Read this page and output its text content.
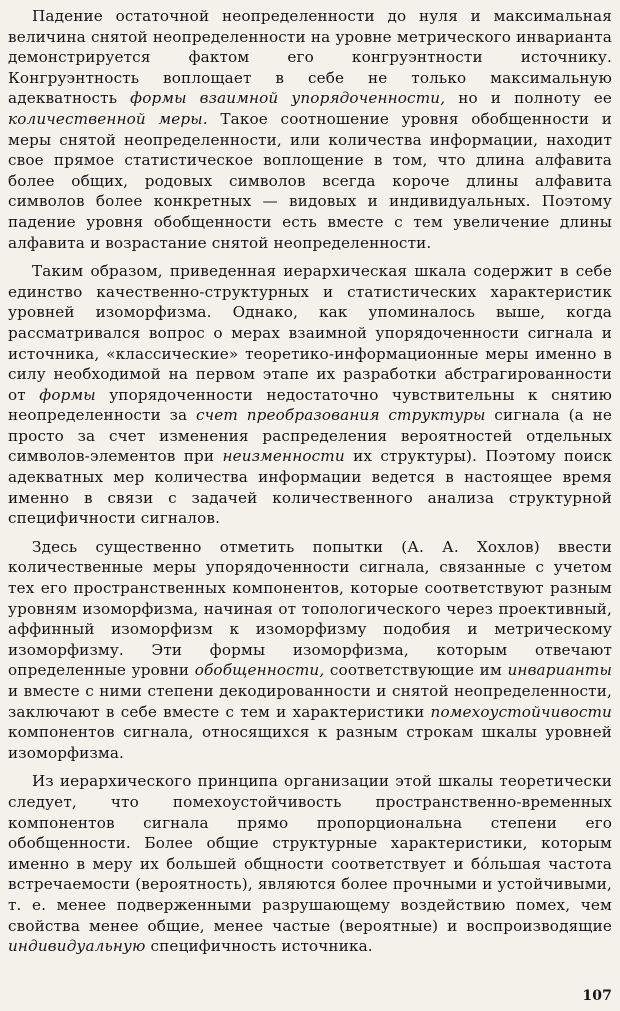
Падение остаточной неопределенности до нуля и максимальная величина снятой неопределенности на уровне метрического инварианта демонстрируется фактом его конгруэнтности источнику. Конгруэнтность воплощает в себе не только максимальную адекватность формы взаимной упорядоченности, но и полноту ее количественной меры. Такое соотношение уровня обобщенности и меры снятой неопределенности, или количества информации, находит свое прямое статистическое воплощение в том, что длина алфавита более общих, родовых символов всегда короче длины алфавита символов более конкретных — видовых и индивидуальных. Поэтому падение уровня обобщенности есть вместе с тем увеличение длины алфавита и возрастание снятой неопределенности.

Таким образом, приведенная иерархическая шкала содержит в себе единство качественно-структурных и статистических характеристик уровней изоморфизма. Однако, как упоминалось выше, когда рассматривался вопрос о мерах взаимной упорядоченности сигнала и источника, «классические» теоретико-информационные меры именно в силу необходимой на первом этапе их разработки абстрагированности от формы упорядоченности недостаточно чувствительны к снятию неопределенности за счет преобразования структуры сигнала (а не просто за счет изменения распределения вероятностей отдельных символов-элементов при неизменности их структуры). Поэтому поиск адекватных мер количества информации ведется в настоящее время именно в связи с задачей количественного анализа структурной специфичности сигналов.

Здесь существенно отметить попытки (А. А. Хохлов) ввести количественные меры упорядоченности сигнала, связанные с учетом тех его пространственных компонентов, которые соответствуют разным уровням изоморфизма, начиная от топологического через проективный, аффинный изоморфизм к изоморфизму подобия и метрическому изоморфизму. Эти формы изоморфизма, которым отвечают определенные уровни обобщенности, соответствующие им инварианты и вместе с ними степени декодированности и снятой неопределенности, заключают в себе вместе с тем и характеристики помехоустойчивости компонентов сигнала, относящихся к разным строкам шкалы уровней изоморфизма.

Из иерархического принципа организации этой шкалы теоретически следует, что помехоустойчивость пространственно-временных компонентов сигнала прямо пропорциональна степени его обобщенности. Более общие структурные характеристики, которым именно в меру их большей общности соответствует и бо́льшая частота встречаемости (вероятность), являются более прочными и устойчивыми, т. е. менее подверженными разрушающему воздействию помех, чем свойства менее общие, менее частые (вероятные) и воспроизводящие индивидуальную специфичность источника.

107
